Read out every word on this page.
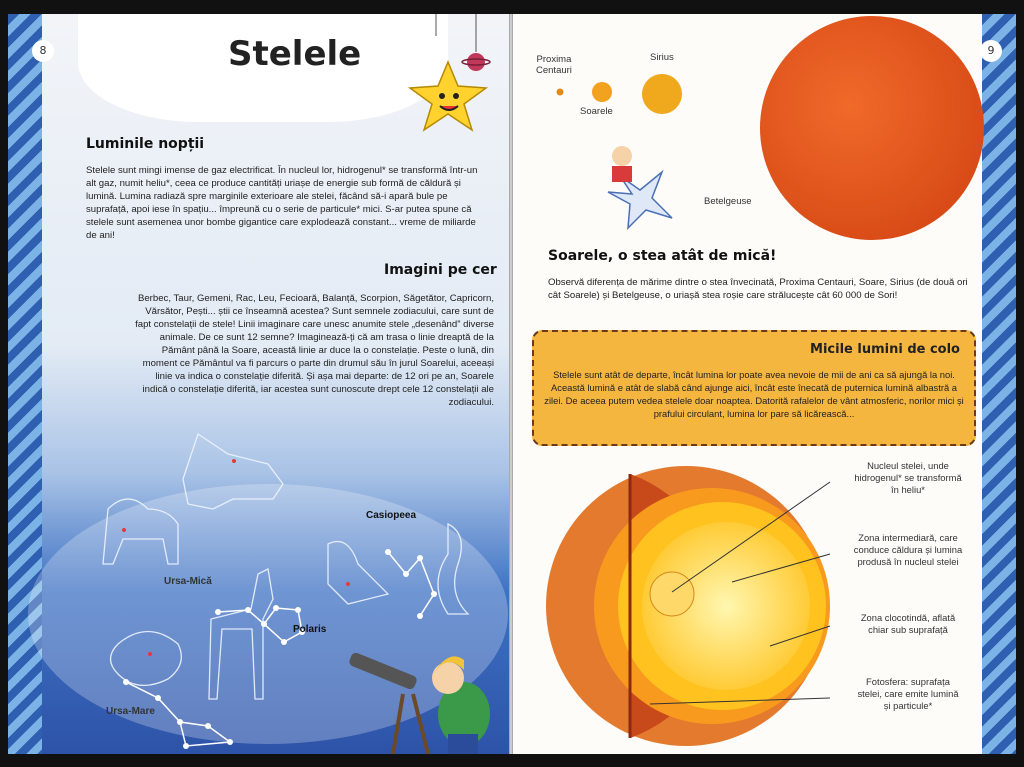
8	Stelele
Luminile nopții
Stelele sunt mingi imense de gaz electrificat. În nucleul lor, hidrogenul* se transformă într-un alt gaz, numit heliu*, ceea ce produce cantități uriașe de energie sub formă de căldură și lumină. Lumina radiază spre marginile exterioare ale stelei, făcând să-i apară bule pe suprafață, apoi iese în spațiu... împreună cu o serie de particule* mici. S-ar putea spune că stelele sunt asemenea unor bombe gigantice care explodează constant... vreme de miliarde de ani!
Imagini pe cer
Berbec, Taur, Gemeni, Rac, Leu, Fecioară, Balanță, Scorpion, Săgetător, Capricorn, Vărsător, Pești... știi ce înseamnă acestea? Sunt semnele zodiacului, care sunt de fapt constelații de stele! Linii imaginare care unesc anumite stele „desenând” diverse animale. De ce sunt 12 semne? Imaginează-ți că am trasa o linie dreaptă de la Pământ până la Soare, această linie ar duce la o constelație. Peste o lună, din moment ce Pământul va fi parcurs o parte din drumul său în jurul Soarelui, aceeași linie va indica o constelație diferită. Și așa mai departe: de 12 ori pe an, Soarele indică o constelație diferită, iar acestea sunt cunoscute drept cele 12 constelații ale zodiacului.
Casiopeea
Ursa-Mică
Polaris
Ursa-Mare
9
Proxima
Centauri
Sirius
Soarele
Betelgeuse
Soarele, o stea atât de mică!
Observă diferența de mărime dintre o stea învecinată, Proxima Centauri, Soare, Sirius (de două ori cât Soarele) și Betelgeuse, o uriașă stea roșie care strălucește cât 60 000 de Sori!
Micile lumini de colo
Stelele sunt atât de departe, încât lumina lor poate avea nevoie de mii de ani ca să ajungă la noi. Această lumină e atât de slabă când ajunge aici, încât este înecată de puternica lumină albastră a zilei. De aceea putem vedea stelele doar noaptea. Datorită rafalelor de vânt atmosferic, norilor mici și prafului circulant, lumina lor pare să licărească...
Nucleul stelei, unde
hidrogenul* se transformă
în heliu*
Zona intermediară, care
conduce căldura și lumina
produsă în nucleul stelei
Zona clocotindă, aflată
chiar sub suprafață
Fotosfera: suprafața
stelei, care emite lumină
și particule*
